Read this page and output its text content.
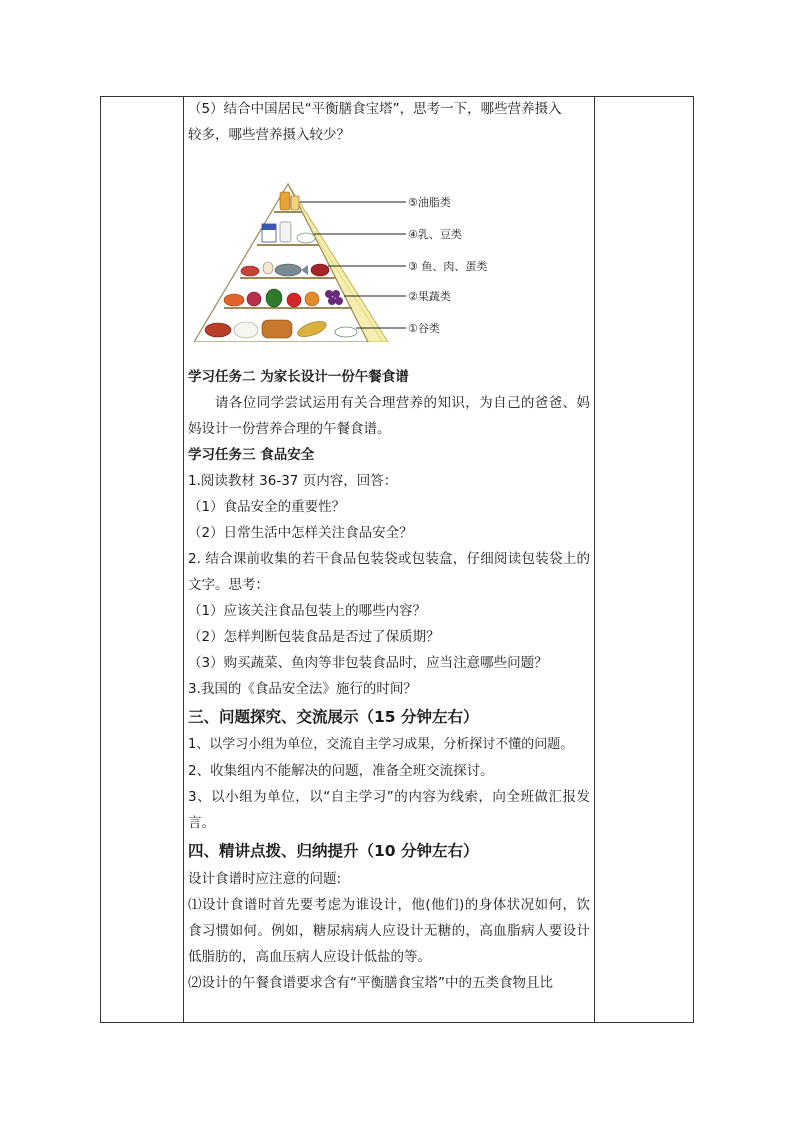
（5）结合中国居民“平衡膳食宝塔”，思考一下，哪些营养摄入

较多，哪些营养摄入较少？

⑤油脂类
④乳、豆类
③ 鱼、肉、蛋类
②果蔬类
①谷类

学习任务二 为家长设计一份午餐食谱

请各位同学尝试运用有关合理营养的知识，为自己的爸爸、妈妈设计一份营养合理的午餐食谱。

学习任务三 食品安全

1.阅读教材 36-37 页内容，回答：

（1）食品安全的重要性？

（2）日常生活中怎样关注食品安全？

2. 结合课前收集的若干食品包装袋或包装盒，仔细阅读包装袋上的文字。思考：

（1）应该关注食品包装上的哪些内容？

（2）怎样判断包装食品是否过了保质期？

（3）购买蔬菜、鱼肉等非包装食品时，应当注意哪些问题？

3.我国的《食品安全法》施行的时间？

三、问题探究、交流展示（15 分钟左右）

1、以学习小组为单位，交流自主学习成果，分析探讨不懂的问题。

2、收集组内不能解决的问题，准备全班交流探讨。

3、以小组为单位，以“自主学习”的内容为线索，向全班做汇报发言。

四、精讲点拨、归纳提升（10 分钟左右）

设计食谱时应注意的问题:

⑴设计食谱时首先要考虑为谁设计，他(他们)的身体状况如何，饮食习惯如何。例如，糖尿病病人应设计无糖的，高血脂病人要设计低脂肪的，高血压病人应设计低盐的等。

⑵设计的午餐食谱要求含有“平衡膳食宝塔”中的五类食物且比
